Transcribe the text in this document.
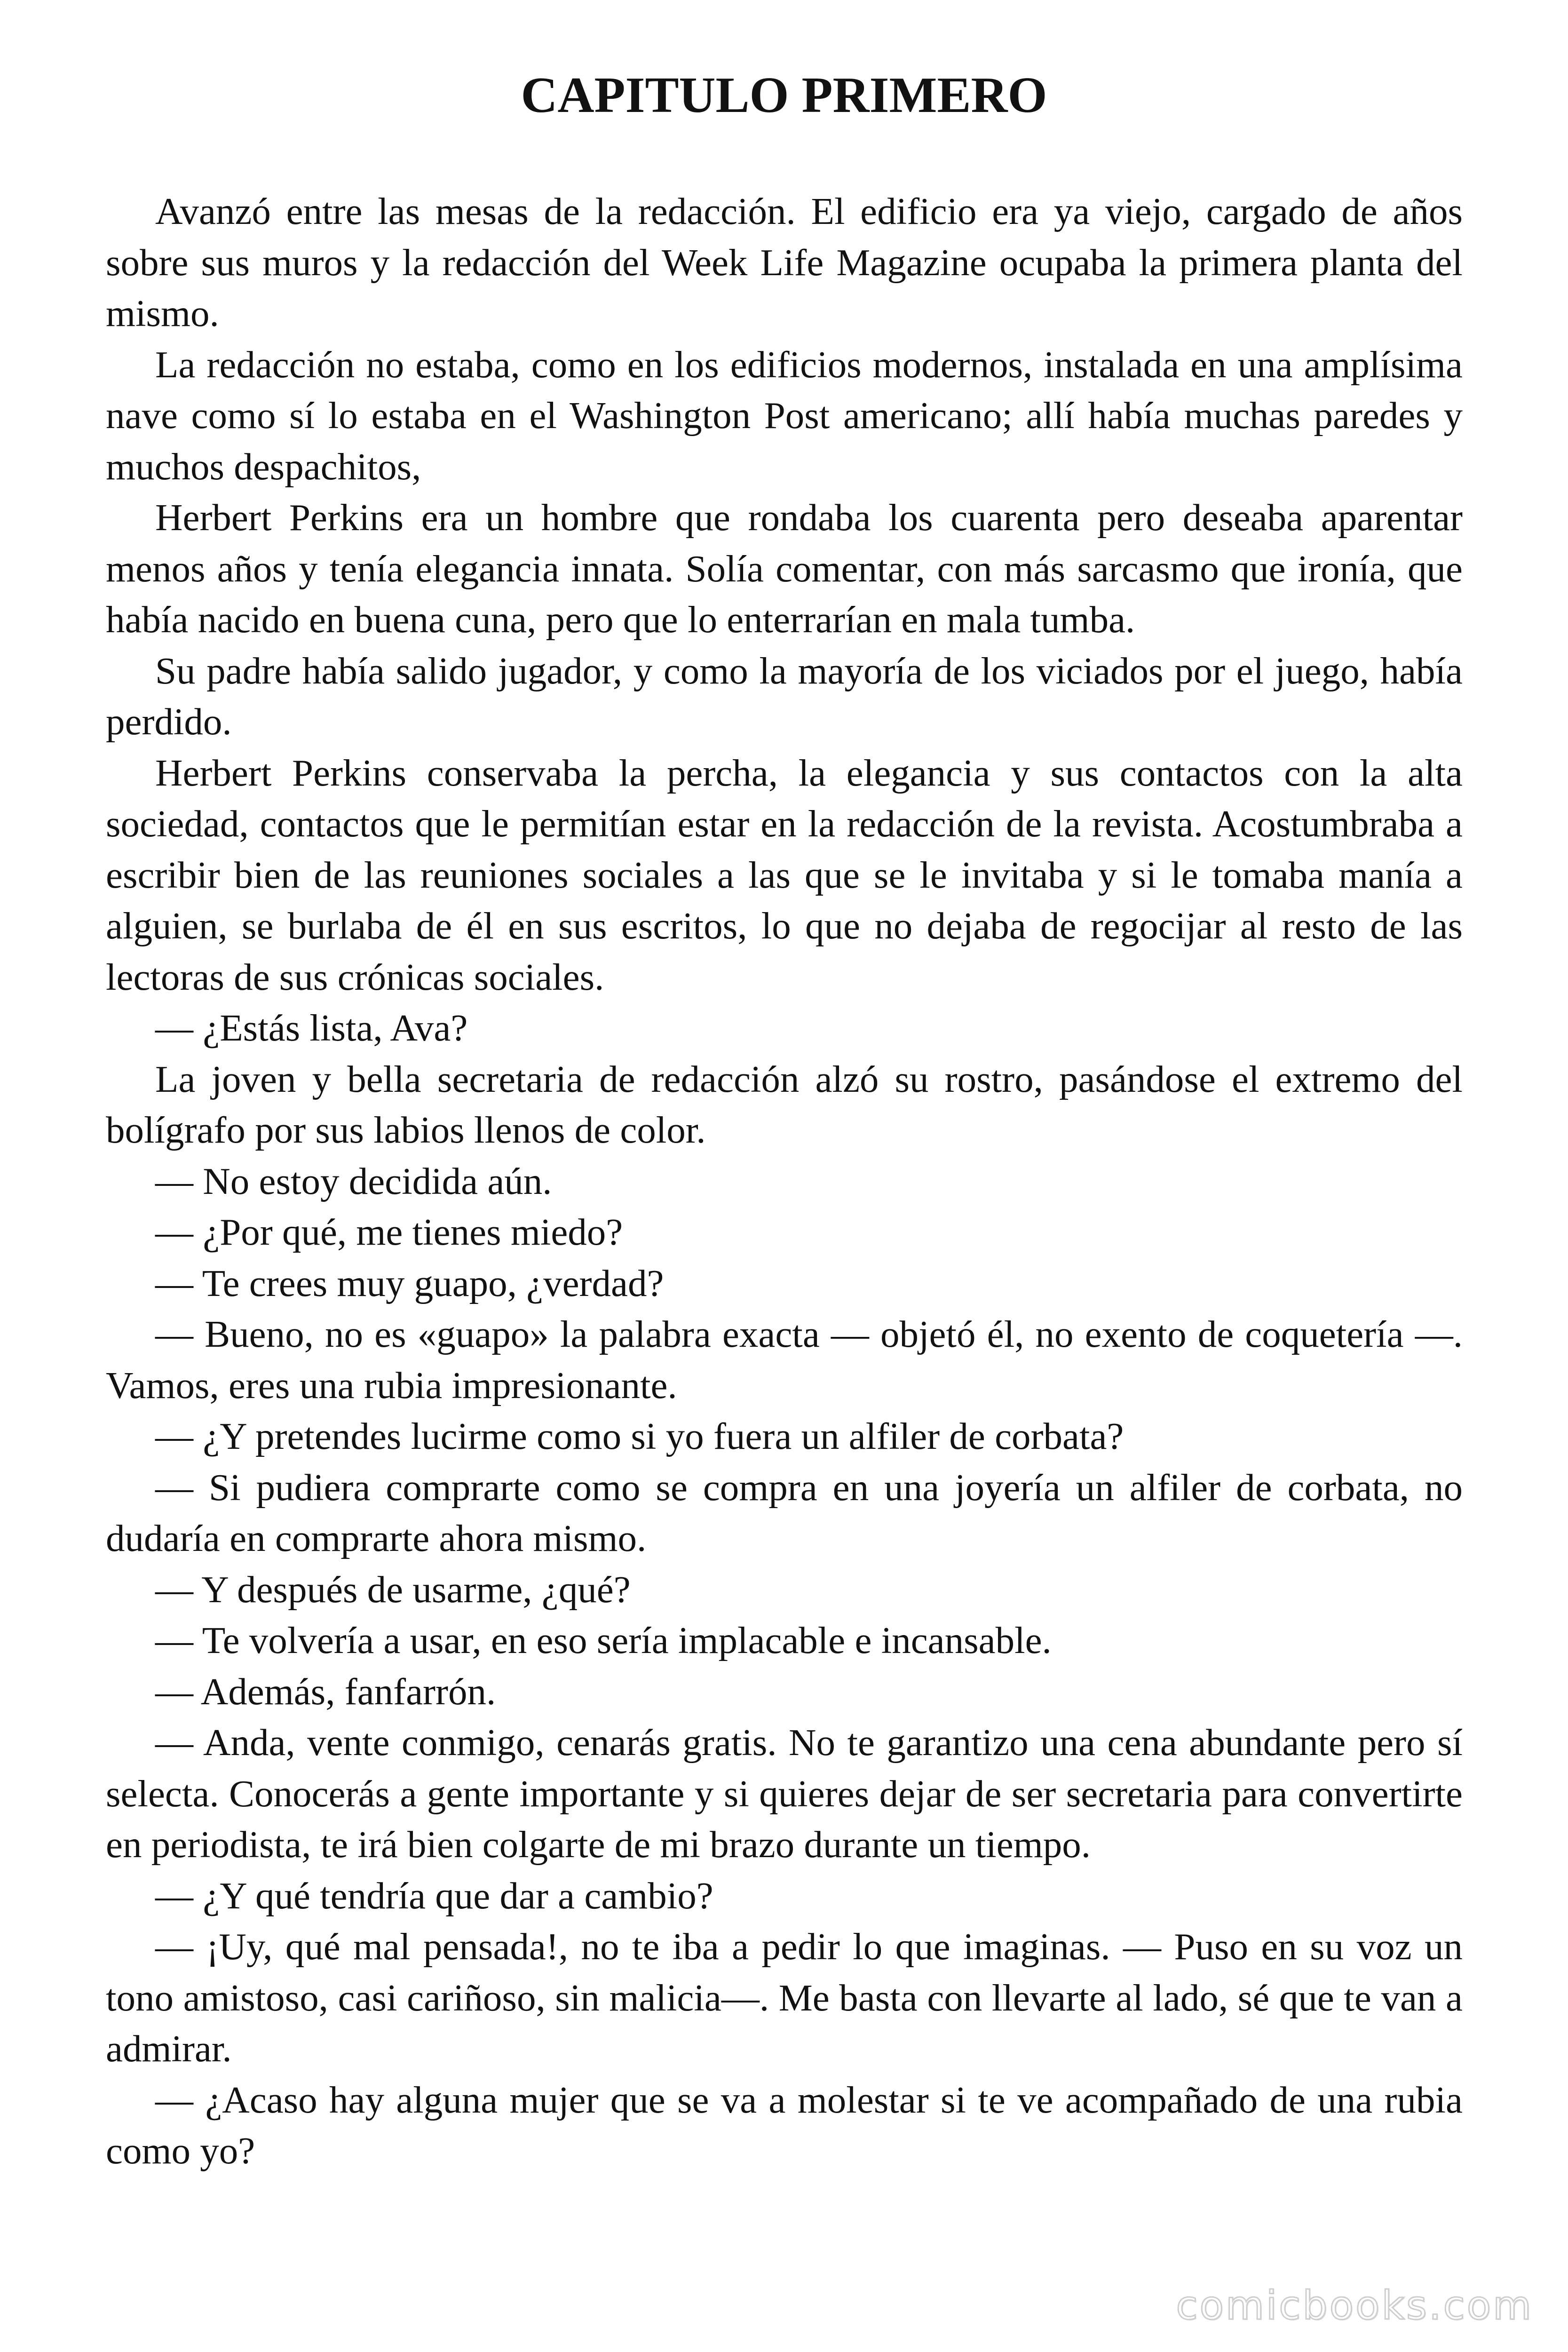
CAPITULO PRIMERO

Avanzó entre las mesas de la redacción. El edificio era ya viejo, cargado de años sobre sus muros y la redacción del Week Life Magazine ocupaba la primera planta del mismo.

La redacción no estaba, como en los edificios modernos, instalada en una amplísima nave como sí lo estaba en el Washington Post americano; allí había muchas paredes y muchos despachitos,

Herbert Perkins era un hombre que rondaba los cuarenta pero deseaba aparentar menos años y tenía elegancia innata. Solía comentar, con más sarcasmo que ironía, que había nacido en buena cuna, pero que lo enterrarían en mala tumba.

Su padre había salido jugador, y como la mayoría de los viciados por el juego, había perdido.

Herbert Perkins conservaba la percha, la elegancia y sus contactos con la alta sociedad, contactos que le permitían estar en la redacción de la revista. Acostumbraba a escribir bien de las reuniones sociales a las que se le invitaba y si le tomaba manía a alguien, se burlaba de él en sus escritos, lo que no dejaba de regocijar al resto de las lectoras de sus crónicas sociales.

— ¿Estás lista, Ava?

La joven y bella secretaria de redacción alzó su rostro, pasándose el extremo del bolígrafo por sus labios llenos de color.

— No estoy decidida aún.

— ¿Por qué, me tienes miedo?

— Te crees muy guapo, ¿verdad?

— Bueno, no es «guapo» la palabra exacta — objetó él, no exento de coquetería —. Vamos, eres una rubia impresionante.

— ¿Y pretendes lucirme como si yo fuera un alfiler de corbata?

— Si pudiera comprarte como se compra en una joyería un alfiler de corbata, no dudaría en comprarte ahora mismo.

— Y después de usarme, ¿qué?

— Te volvería a usar, en eso sería implacable e incansable.

— Además, fanfarrón.

— Anda, vente conmigo, cenarás gratis. No te garantizo una cena abundante pero sí selecta. Conocerás a gente importante y si quieres dejar de ser secretaria para convertirte en periodista, te irá bien colgarte de mi brazo durante un tiempo.

— ¿Y qué tendría que dar a cambio?

— ¡Uy, qué mal pensada!, no te iba a pedir lo que imaginas. — Puso en su voz un tono amistoso, casi cariñoso, sin malicia—. Me basta con llevarte al lado, sé que te van a admirar.

— ¿Acaso hay alguna mujer que se va a molestar si te ve acompañado de una rubia como yo?

comicbooks.com
